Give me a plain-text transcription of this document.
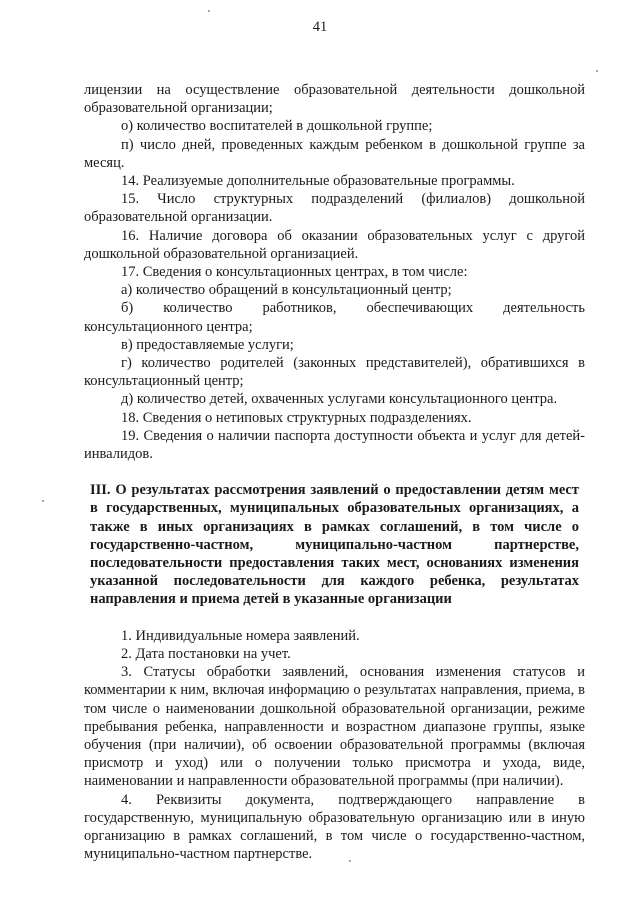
41

лицензии на осуществление образовательной деятельности дошкольной образовательной организации;

о) количество воспитателей в дошкольной группе;

п) число дней, проведенных каждым ребенком в дошкольной группе за месяц.

14. Реализуемые дополнительные образовательные программы.

15. Число структурных подразделений (филиалов) дошкольной образовательной организации.

16. Наличие договора об оказании образовательных услуг с другой дошкольной образовательной организацией.

17. Сведения о консультационных центрах, в том числе:

а) количество обращений в консультационный центр;

б) количество работников, обеспечивающих деятельность консультационного центра;

в) предоставляемые услуги;

г) количество родителей (законных представителей), обратившихся в консультационный центр;

д) количество детей, охваченных услугами консультационного центра.

18. Сведения о нетиповых структурных подразделениях.

19. Сведения о наличии паспорта доступности объекта и услуг для детей-инвалидов.

III. О результатах рассмотрения заявлений о предоставлении детям мест в государственных, муниципальных образовательных организациях, а также в иных организациях в рамках соглашений, в том числе о государственно-частном, муниципально-частном партнерстве, последовательности предоставления таких мест, основаниях изменения указанной последовательности для каждого ребенка, результатах направления и приема детей в указанные организации

1. Индивидуальные номера заявлений.

2. Дата постановки на учет.

3. Статусы обработки заявлений, основания изменения статусов и комментарии к ним, включая информацию о результатах направления, приема, в том числе о наименовании дошкольной образовательной организации, режиме пребывания ребенка, направленности и возрастном диапазоне группы, языке обучения (при наличии), об освоении образовательной программы (включая присмотр и уход) или о получении только присмотра и ухода, виде, наименовании и направленности образовательной программы (при наличии).

4. Реквизиты документа, подтверждающего направление в государственную, муниципальную образовательную организацию или в иную организацию в рамках соглашений, в том числе о государственно-частном, муниципально-частном партнерстве.
